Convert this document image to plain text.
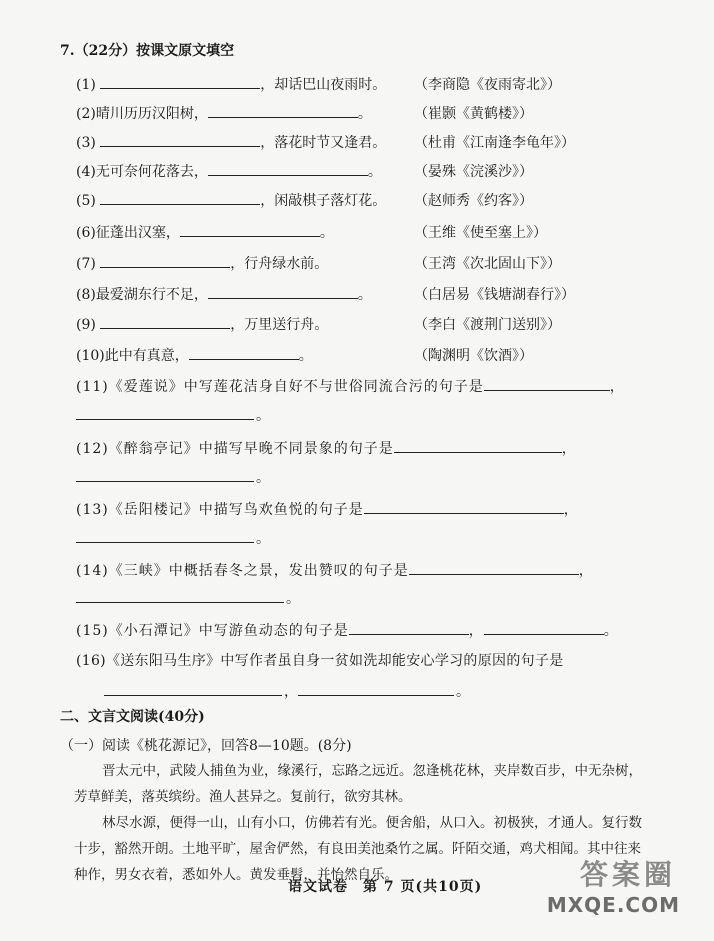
7.（22分）按课文原文填空
(1)	，却话巴山夜雨时。 （李商隐《夜雨寄北》）
(2)晴川历历汉阳树，	。	（崔颢《黄鹤楼》）
(3)	，落花时节又逢君。 （杜甫《江南逢李龟年》）
(4)无可奈何花落去，	。 （晏殊《浣溪沙》）
(5)	，闲敲棋子落灯花。 （赵师秀《约客》）
(6)征蓬出汉塞，	。	（王维《使至塞上》）
(7)	，行舟绿水前。	（王湾《次北固山下》）
(8)最爱湖东行不足，	。	（白居易《钱塘湖春行》）
(9)	，万里送行舟。	（李白《渡荆门送别》）
(10)此中有真意，	。	（陶渊明《饮酒》）
(11)《爱莲说》中写莲花洁身自好不与世俗同流合污的句子是	，
。
(12)《醉翁亭记》中描写早晚不同景象的句子是	，
。
(13)《岳阳楼记》中描写鸟欢鱼悦的句子是	，
。
(14)《三峡》中概括春冬之景，发出赞叹的句子是	，
。
(15)《小石潭记》中写游鱼动态的句子是	，	。
(16)《送东阳马生序》中写作者虽自身一贫如洗却能安心学习的原因的句子是
，	。
二、文言文阅读(40分)
（一）阅读《桃花源记》，回答8—10题。(8分)
晋太元中，武陵人捕鱼为业，缘溪行，忘路之远近。忽逢桃花林，夹岸数百步，中无杂树，芳草鲜美，落英缤纷。渔人甚异之。复前行，欲穷其林。
林尽水源，便得一山，山有小口，仿佛若有光。便舍船，从口入。初极狭，才通人。复行数十步，豁然开朗。土地平旷，屋舍俨然，有良田美池桑竹之属。阡陌交通，鸡犬相闻。其中往来种作，男女衣着，悉如外人。黄发垂髫，并怡然自乐。
语文试卷　第 7 页(共10页)	答案圈
MXQE.COM
